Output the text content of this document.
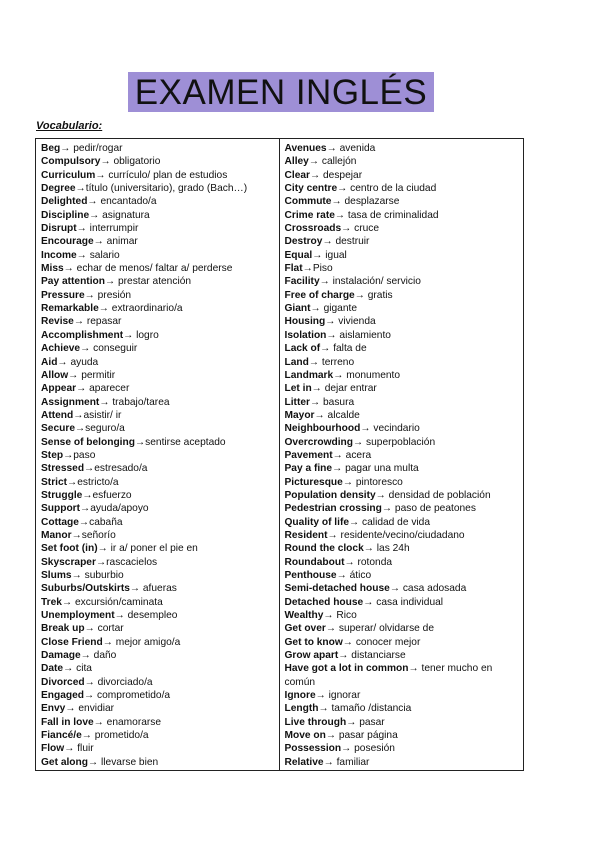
EXAMEN INGLÉS
Vocabulario:
Beg→ pedir/rogar
Compulsory→ obligatorio
Curriculum→ currículo/ plan de estudios
Degree→título (universitario), grado (Bach…)
Delighted→ encantado/a
Discipline→ asignatura
Disrupt→ interrumpir
Encourage→ animar
Income→ salario
Miss→ echar de menos/ faltar a/ perderse
Pay attention→ prestar atención
Pressure→ presión
Remarkable→ extraordinario/a
Revise→ repasar
Accomplishment→ logro
Achieve→ conseguir
Aid→ ayuda
Allow→ permitir
Appear→ aparecer
Assignment→ trabajo/tarea
Attend→asistir/ ir
Secure→seguro/a
Sense of belonging→sentirse aceptado
Step→paso
Stressed→estresado/a
Strict→estricto/a
Struggle→esfuerzo
Support→ayuda/apoyo
Cottage→cabaña
Manor→señorío
Set foot (in)→ ir a/ poner el pie en
Skyscraper→rascacielos
Slums→ suburbio
Suburbs/Outskirts→ afueras
Trek→ excursión/caminata
Unemployment→ desempleo
Break up→ cortar
Close Friend→ mejor amigo/a
Damage→ daño
Date→ cita
Divorced→ divorciado/a
Engaged→ comprometido/a
Envy→ envidiar
Fall in love→ enamorarse
Fiancé/e→ prometido/a
Flow→ fluir
Get along→ llevarse bien
Avenues→ avenida
Alley→ callejón
Clear→ despejar
City centre→ centro de la ciudad
Commute→ desplazarse
Crime rate→ tasa de criminalidad
Crossroads→ cruce
Destroy→ destruir
Equal→ igual
Flat→Piso
Facility→ instalación/ servicio
Free of charge→ gratis
Giant→ gigante
Housing→ vivienda
Isolation→ aislamiento
Lack of→ falta de
Land→ terreno
Landmark→ monumento
Let in→ dejar entrar
Litter→ basura
Mayor→ alcalde
Neighbourhood→ vecindario
Overcrowding→ superpoblación
Pavement→ acera
Pay a fine→ pagar una multa
Picturesque→ pintoresco
Population density→ densidad de población
Pedestrian crossing→ paso de peatones
Quality of life→ calidad de vida
Resident→ residente/vecino/ciudadano
Round the clock→ las 24h
Roundabout→ rotonda
Penthouse→ ático
Semi-detached house→ casa adosada
Detached house→ casa individual
Wealthy→ Rico
Get over→ superar/ olvidarse de
Get to know→ conocer mejor
Grow apart→ distanciarse
Have got a lot in common→ tener mucho en común
Ignore→ ignorar
Length→ tamaño /distancia
Live through→ pasar
Move on→ pasar página
Possession→ posesión
Relative→ familiar
